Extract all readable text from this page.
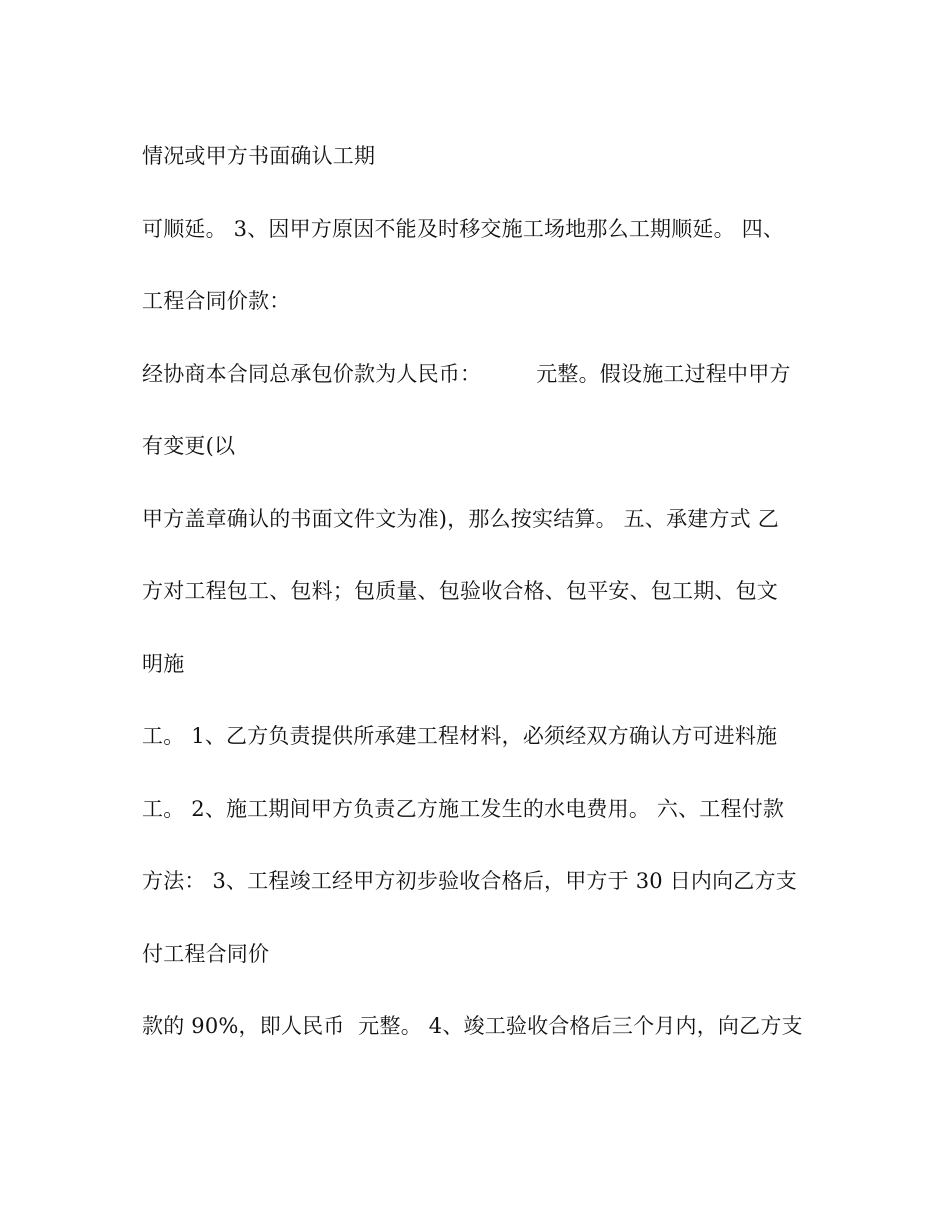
情况或甲方书面确认工期
可顺延。 3、因甲方原因不能及时移交施工场地那么工期顺延。 四、
工程合同价款：
经协商本合同总承包价款为人民币：        元整。假设施工过程中甲方
有变更(以
甲方盖章确认的书面文件文为准)，那么按实结算。 五、承建方式 乙
方对工程包工、包料；包质量、包验收合格、包平安、包工期、包文
明施
工。 1、乙方负责提供所承建工程材料，必须经双方确认方可进料施
工。 2、施工期间甲方负责乙方施工发生的水电费用。 六、工程付款
方法： 3、工程竣工经甲方初步验收合格后，甲方于 30 日内向乙方支
付工程合同价
款的 90%，即人民币  元整。 4、竣工验收合格后三个月内，向乙方支
